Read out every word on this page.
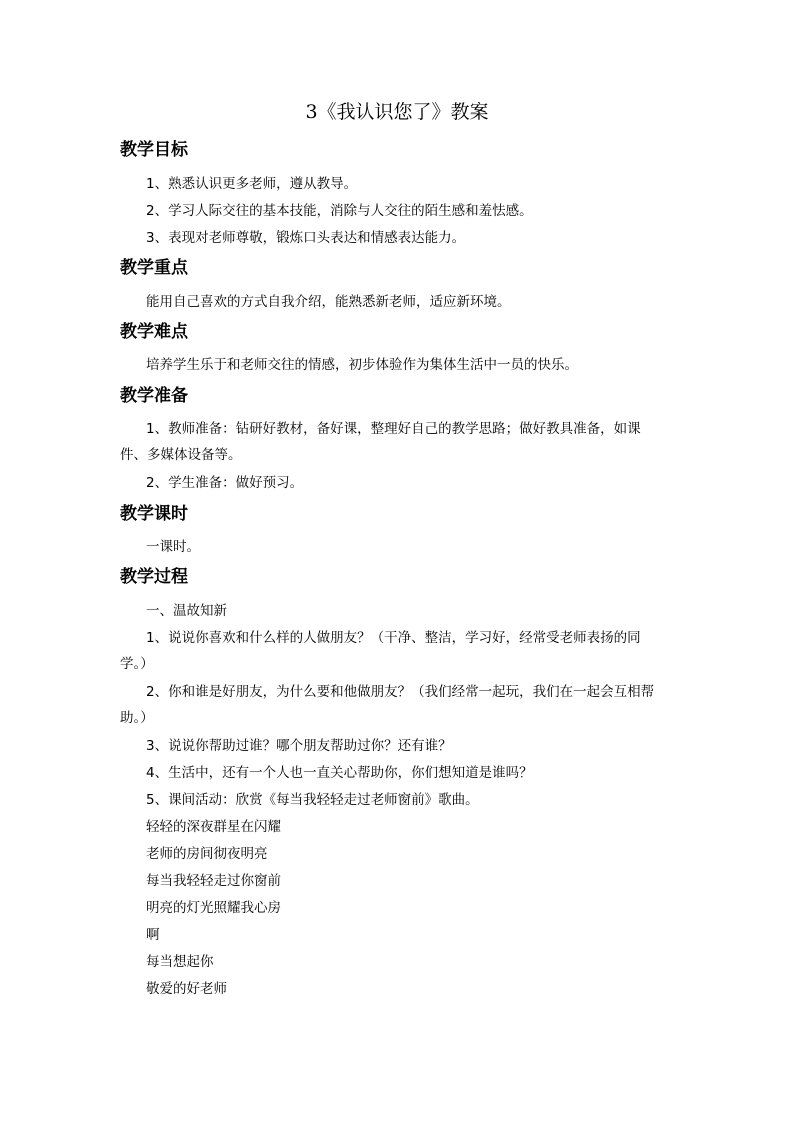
3《我认识您了》教案
教学目标
1、熟悉认识更多老师，遵从教导。
2、学习人际交往的基本技能，消除与人交往的陌生感和羞怯感。
3、表现对老师尊敬，锻炼口头表达和情感表达能力。
教学重点
能用自己喜欢的方式自我介绍，能熟悉新老师，适应新环境。
教学难点
培养学生乐于和老师交往的情感，初步体验作为集体生活中一员的快乐。
教学准备
1、教师准备：钻研好教材，备好课，整理好自己的教学思路；做好教具准备，如课
件、多媒体设备等。
2、学生准备：做好预习。
教学课时
一课时。
教学过程
一、温故知新
1、说说你喜欢和什么样的人做朋友？（干净、整洁，学习好，经常受老师表扬的同
学。）
2、你和谁是好朋友，为什么要和他做朋友？（我们经常一起玩，我们在一起会互相帮
助。）
3、说说你帮助过谁？哪个朋友帮助过你？还有谁？
4、生活中，还有一个人也一直关心帮助你，你们想知道是谁吗？
5、课间活动：欣赏《每当我轻轻走过老师窗前》歌曲。
轻轻的深夜群星在闪耀
老师的房间彻夜明亮
每当我轻轻走过你窗前
明亮的灯光照耀我心房
啊
每当想起你
敬爱的好老师
